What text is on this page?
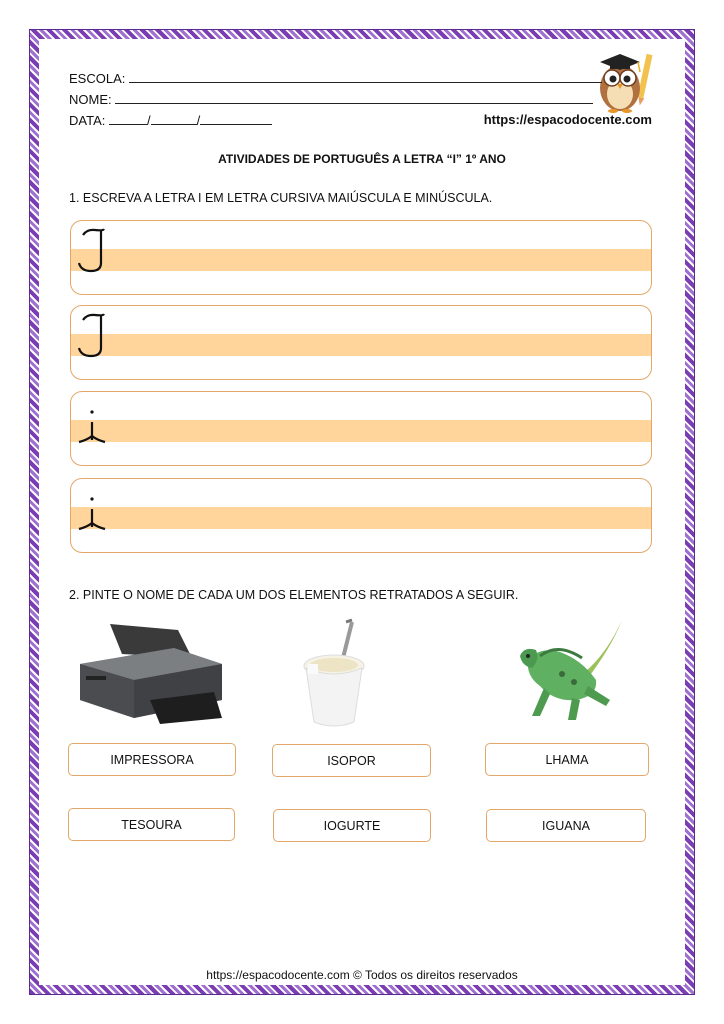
ESCOLA:
NOME:
DATA:	/	/	https://espacodocente.com
ATIVIDADES DE PORTUGUÊS A LETRA “I” 1º ANO
1. ESCREVA A LETRA I EM LETRA CURSIVA MAIÚSCULA E MINÚSCULA.
2. PINTE O NOME DE CADA UM DOS ELEMENTOS RETRATADOS A SEGUIR.
IMPRESSORA
TESOURA
ISOPOR
IOGURTE
LHAMA
IGUANA
https://espacodocente.com © Todos os direitos reservados
